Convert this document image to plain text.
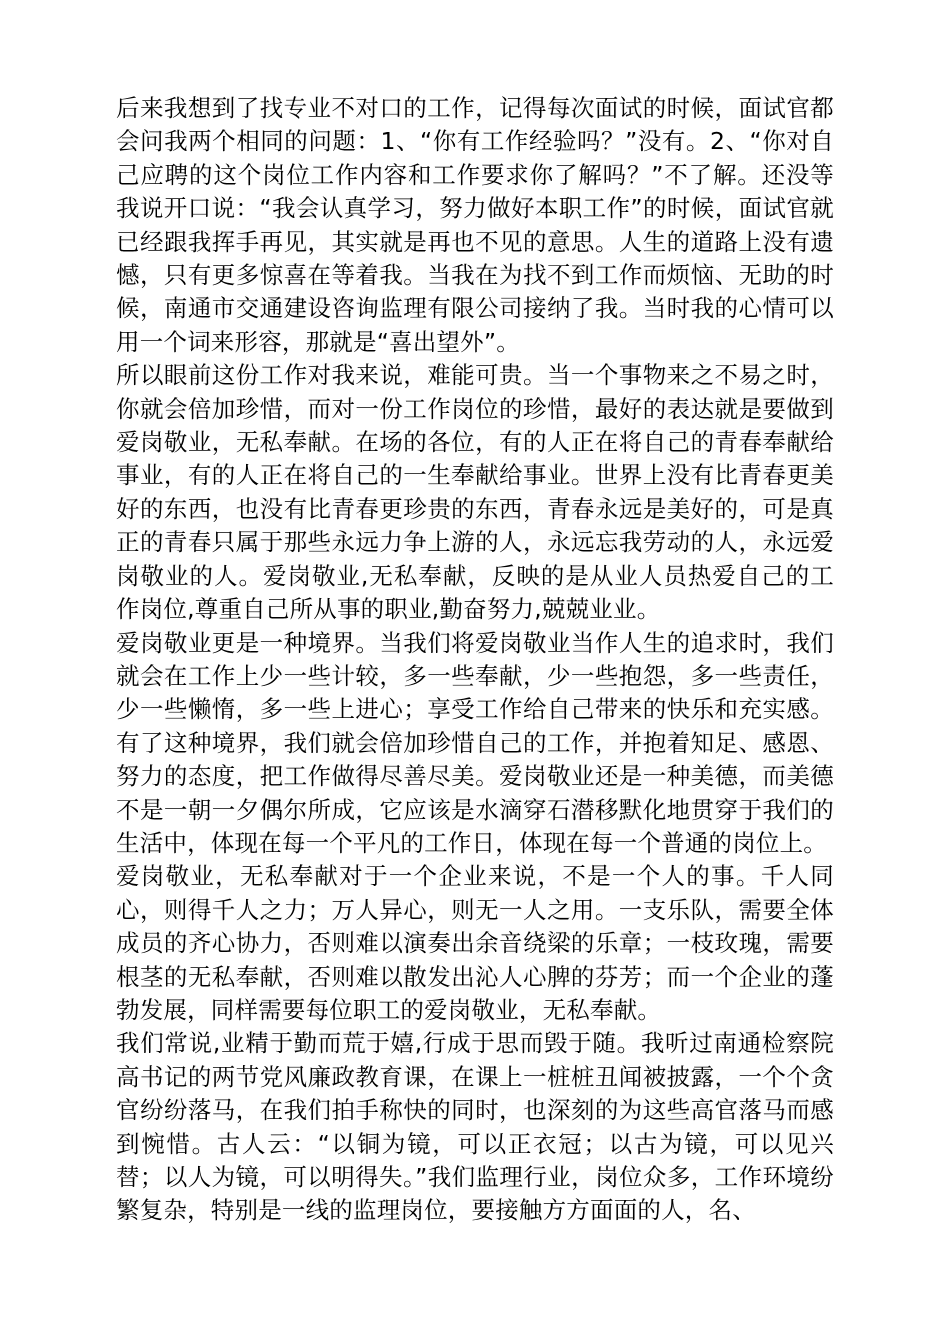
后来我想到了找专业不对口的工作，记得每次面试的时候，面试官都会问我两个相同的问题：1、“你有工作经验吗？”没有。2、“你对自己应聘的这个岗位工作内容和工作要求你了解吗？”不了解。还没等我说开口说：“我会认真学习，努力做好本职工作”的时候，面试官就已经跟我挥手再见，其实就是再也不见的意思。人生的道路上没有遗憾，只有更多惊喜在等着我。当我在为找不到工作而烦恼、无助的时候，南通市交通建设咨询监理有限公司接纳了我。当时我的心情可以用一个词来形容，那就是“喜出望外”。

所以眼前这份工作对我来说，难能可贵。当一个事物来之不易之时，你就会倍加珍惜，而对一份工作岗位的珍惜，最好的表达就是要做到爱岗敬业，无私奉献。在场的各位，有的人正在将自己的青春奉献给事业，有的人正在将自己的一生奉献给事业。世界上没有比青春更美好的东西，也没有比青春更珍贵的东西，青春永远是美好的，可是真正的青春只属于那些永远力争上游的人，永远忘我劳动的人，永远爱岗敬业的人。爱岗敬业,无私奉献，反映的是从业人员热爱自己的工作岗位,尊重自己所从事的职业,勤奋努力,兢兢业业。

爱岗敬业更是一种境界。当我们将爱岗敬业当作人生的追求时，我们就会在工作上少一些计较，多一些奉献，少一些抱怨，多一些责任，少一些懒惰，多一些上进心；享受工作给自己带来的快乐和充实感。有了这种境界，我们就会倍加珍惜自己的工作，并抱着知足、感恩、努力的态度，把工作做得尽善尽美。爱岗敬业还是一种美德，而美德不是一朝一夕偶尔所成，它应该是水滴穿石潜移默化地贯穿于我们的生活中，体现在每一个平凡的工作日，体现在每一个普通的岗位上。

爱岗敬业，无私奉献对于一个企业来说，不是一个人的事。千人同心，则得千人之力；万人异心，则无一人之用。一支乐队，需要全体成员的齐心协力，否则难以演奏出余音绕梁的乐章；一枝玫瑰，需要根茎的无私奉献，否则难以散发出沁人心脾的芬芳；而一个企业的蓬勃发展，同样需要每位职工的爱岗敬业，无私奉献。

我们常说,业精于勤而荒于嬉,行成于思而毁于随。我听过南通检察院高书记的两节党风廉政教育课，在课上一桩桩丑闻被披露，一个个贪官纷纷落马，在我们拍手称快的同时，也深刻的为这些高官落马而感到惋惜。古人云：“以铜为镜，可以正衣冠；以古为镜，可以见兴替；以人为镜，可以明得失。”我们监理行业，岗位众多，工作环境纷繁复杂，特别是一线的监理岗位，要接触方方面面的人，名、
